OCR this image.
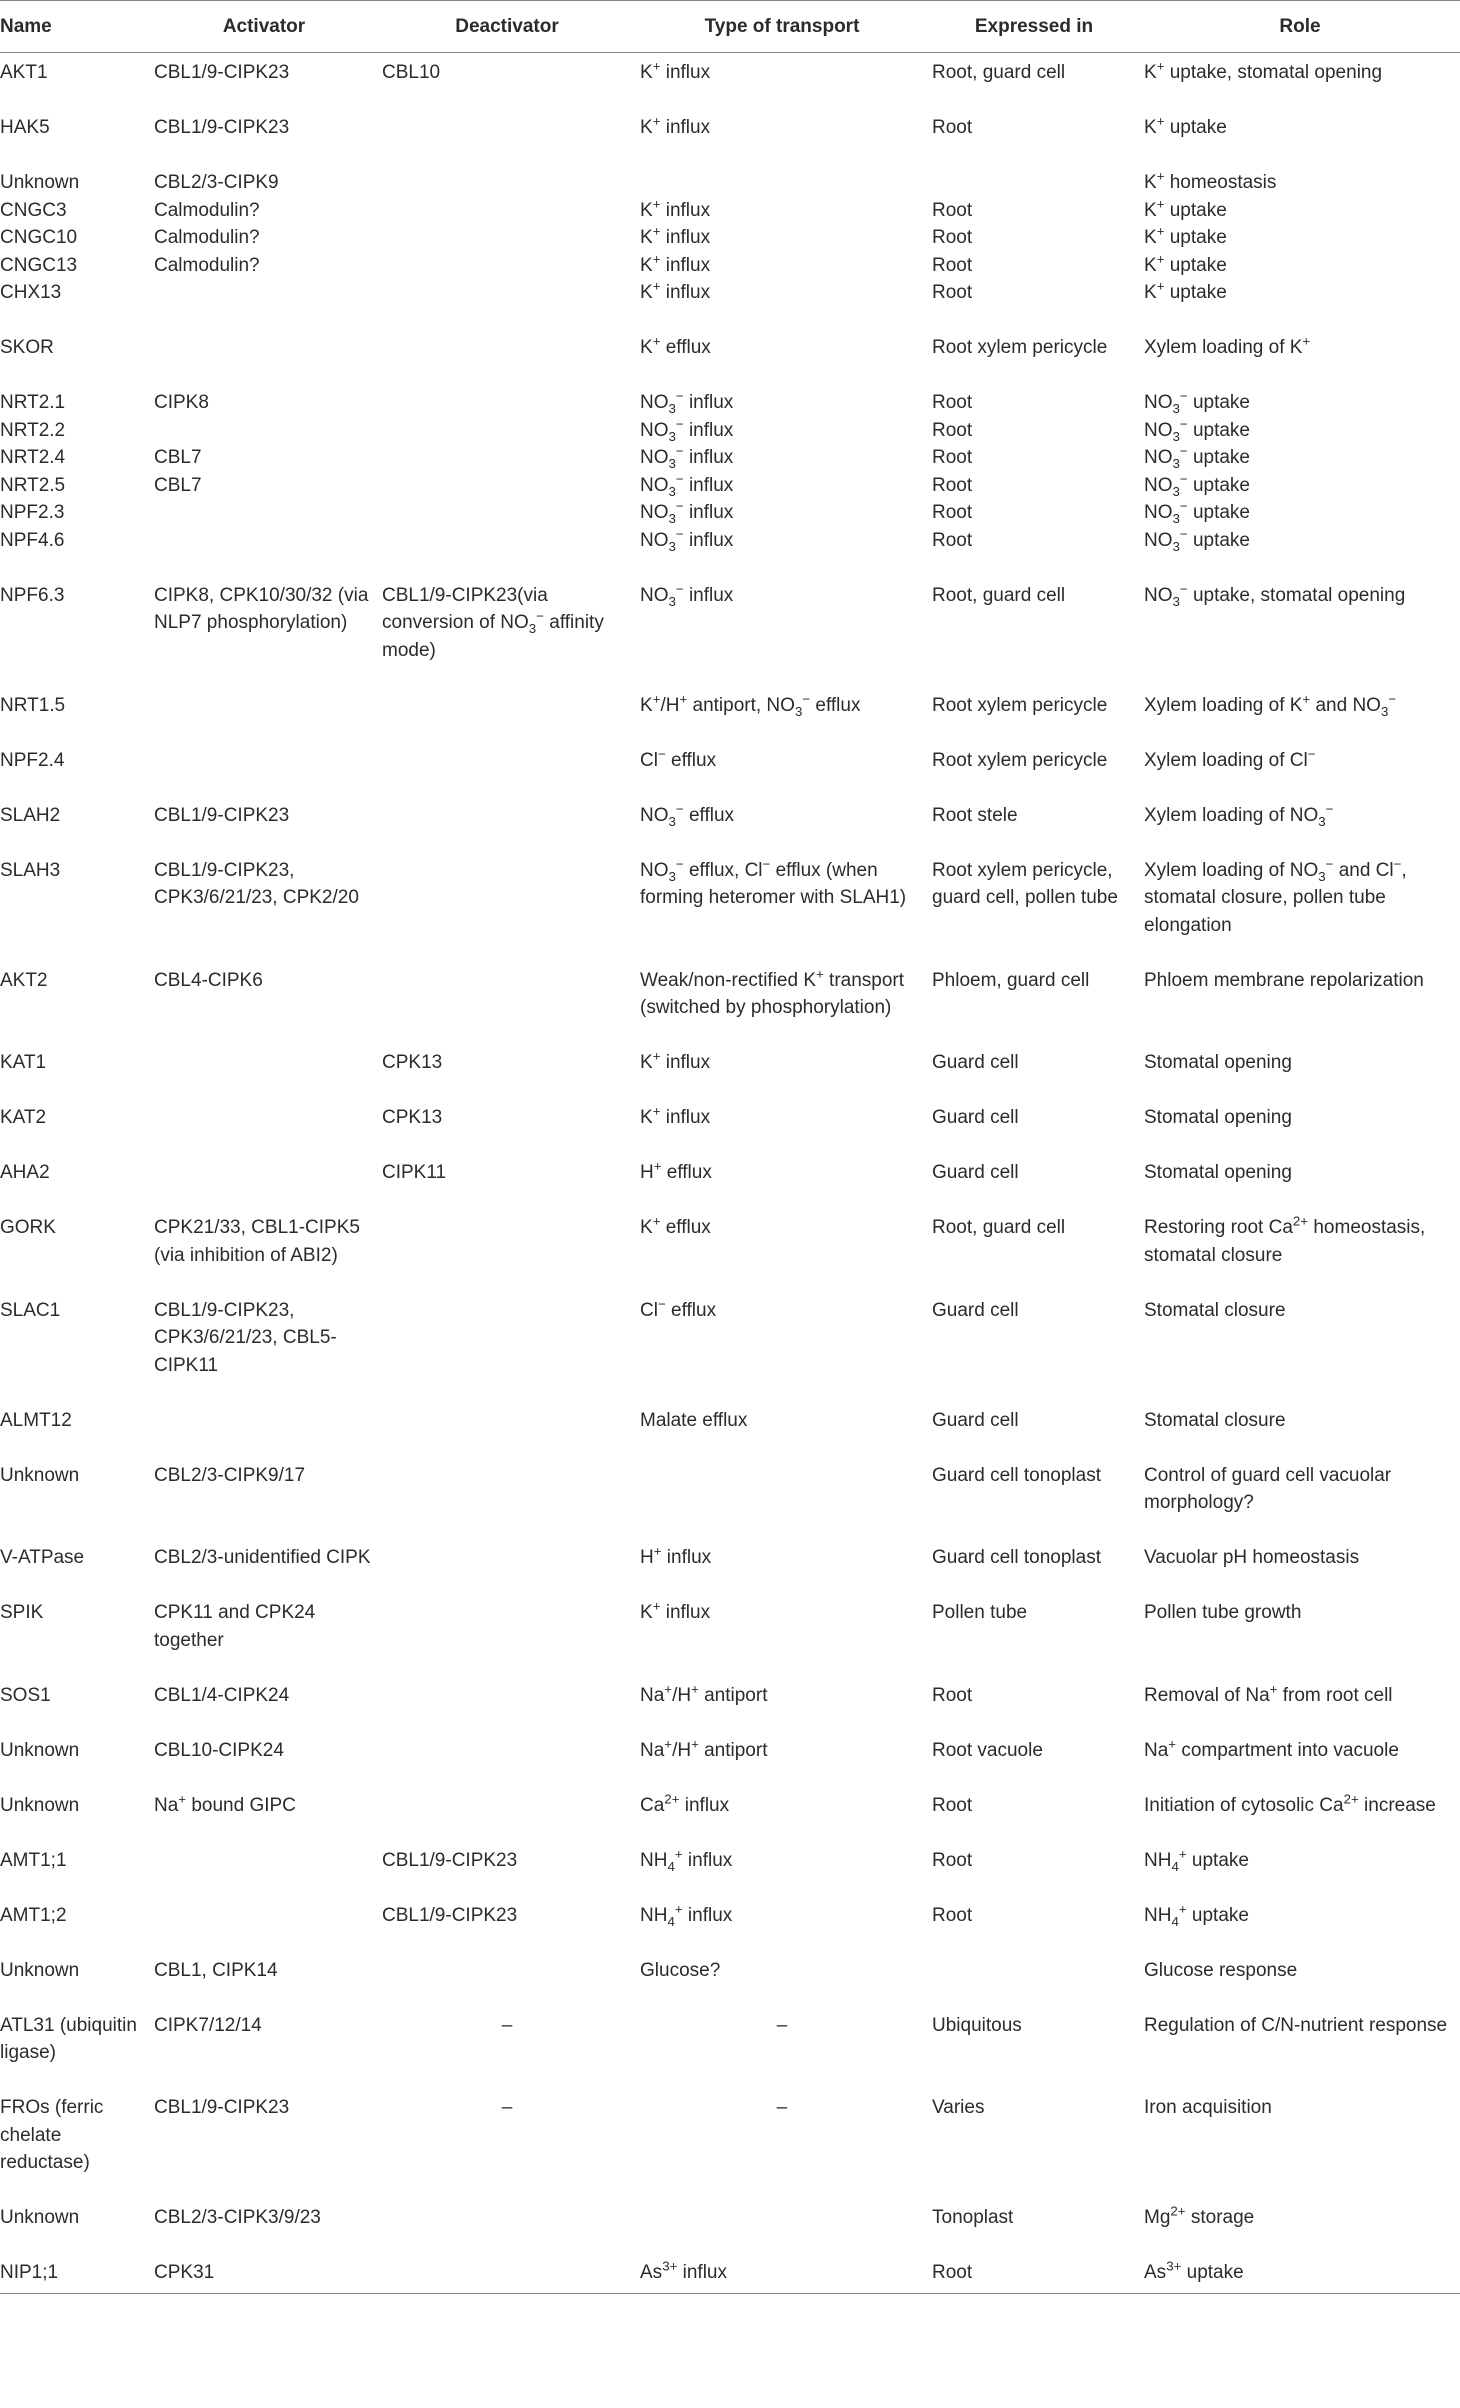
Name	Activator	Deactivator	Type of transport	Expressed in	Role
AKT1	CBL1/9-CIPK23	CBL10	K+ influx	Root, guard cell	K+ uptake, stomatal opening
HAK5	CBL1/9-CIPK23		K+ influx	Root	K+ uptake
Unknown	CBL2/3-CIPK9				K+ homeostasis
CNGC3	Calmodulin?		K+ influx	Root	K+ uptake
CNGC10	Calmodulin?		K+ influx	Root	K+ uptake
CNGC13	Calmodulin?		K+ influx	Root	K+ uptake
CHX13			K+ influx	Root	K+ uptake
SKOR			K+ efflux	Root xylem pericycle	Xylem loading of K+
NRT2.1	CIPK8		$NO_3^-$ influx	Root	$NO_3^-$ uptake
NRT2.2			$NO_3^-$ influx	Root	$NO_3^-$ uptake
NRT2.4	CBL7		$NO_3^-$ influx	Root	$NO_3^-$ uptake
NRT2.5	CBL7		$NO_3^-$ influx	Root	$NO_3^-$ uptake
NPF2.3			$NO_3^-$ influx	Root	$NO_3^-$ uptake
NPF4.6			$NO_3^-$ influx	Root	$NO_3^-$ uptake
NPF6.3	CIPK8, CPK10/30/32 (via NLP7 phosphorylation)	CBL1/9-CIPK23(via conversion of $NO_3^-$ affinity mode)	$NO_3^-$ influx	Root, guard cell	$NO_3^-$ uptake, stomatal opening
NRT1.5			K+/H+ antiport, $NO_3^-$ efflux	Root xylem pericycle	Xylem loading of K+ and $NO_3^-$
NPF2.4			Cl− efflux	Root xylem pericycle	Xylem loading of Cl−
SLAH2	CBL1/9-CIPK23		$NO_3^-$ efflux	Root stele	Xylem loading of $NO_3^-$
SLAH3	CBL1/9-CIPK23, CPK3/6/21/23, CPK2/20		$NO_3^-$ efflux, Cl− efflux (when forming heteromer with SLAH1)	Root xylem pericycle, guard cell, pollen tube	Xylem loading of $NO_3^-$ and Cl−, stomatal closure, pollen tube elongation
AKT2	CBL4-CIPK6		Weak/non-rectified K+ transport (switched by phosphorylation)	Phloem, guard cell	Phloem membrane repolarization
KAT1		CPK13	K+ influx	Guard cell	Stomatal opening
KAT2		CPK13	K+ influx	Guard cell	Stomatal opening
AHA2		CIPK11	H+ efflux	Guard cell	Stomatal opening
GORK	CPK21/33, CBL1-CIPK5 (via inhibition of ABI2)		K+ efflux	Root, guard cell	Restoring root $Ca^{2+}$ homeostasis, stomatal closure
SLAC1	CBL1/9-CIPK23, CPK3/6/21/23, CBL5-CIPK11		Cl− efflux	Guard cell	Stomatal closure
ALMT12			Malate efflux	Guard cell	Stomatal closure
Unknown	CBL2/3-CIPK9/17			Guard cell tonoplast	Control of guard cell vacuolar morphology?
V-ATPase	CBL2/3-unidentified CIPK		H+ influx	Guard cell tonoplast	Vacuolar pH homeostasis
SPIK	CPK11 and CPK24 together		K+ influx	Pollen tube	Pollen tube growth
SOS1	CBL1/4-CIPK24		Na+/H+ antiport	Root	Removal of Na+ from root cell
Unknown	CBL10-CIPK24		Na+/H+ antiport	Root vacuole	Na+ compartment into vacuole
Unknown	Na+ bound GIPC		$Ca^{2+}$ influx	Root	Initiation of cytosolic $Ca^{2+}$ increase
AMT1;1		CBL1/9-CIPK23	$NH_4^+$ influx	Root	$NH_4^+$ uptake
AMT1;2		CBL1/9-CIPK23	$NH_4^+$ influx	Root	$NH_4^+$ uptake
Unknown	CBL1, CIPK14		Glucose?		Glucose response
ATL31 (ubiquitin ligase)	CIPK7/12/14	–	–	Ubiquitous	Regulation of C/N-nutrient response
FROs (ferric chelate reductase)	CBL1/9-CIPK23	–	–	Varies	Iron acquisition
Unknown	CBL2/3-CIPK3/9/23			Tonoplast	$Mg^{2+}$ storage
NIP1;1	CPK31		$As^{3+}$ influx	Root	$As^{3+}$ uptake
